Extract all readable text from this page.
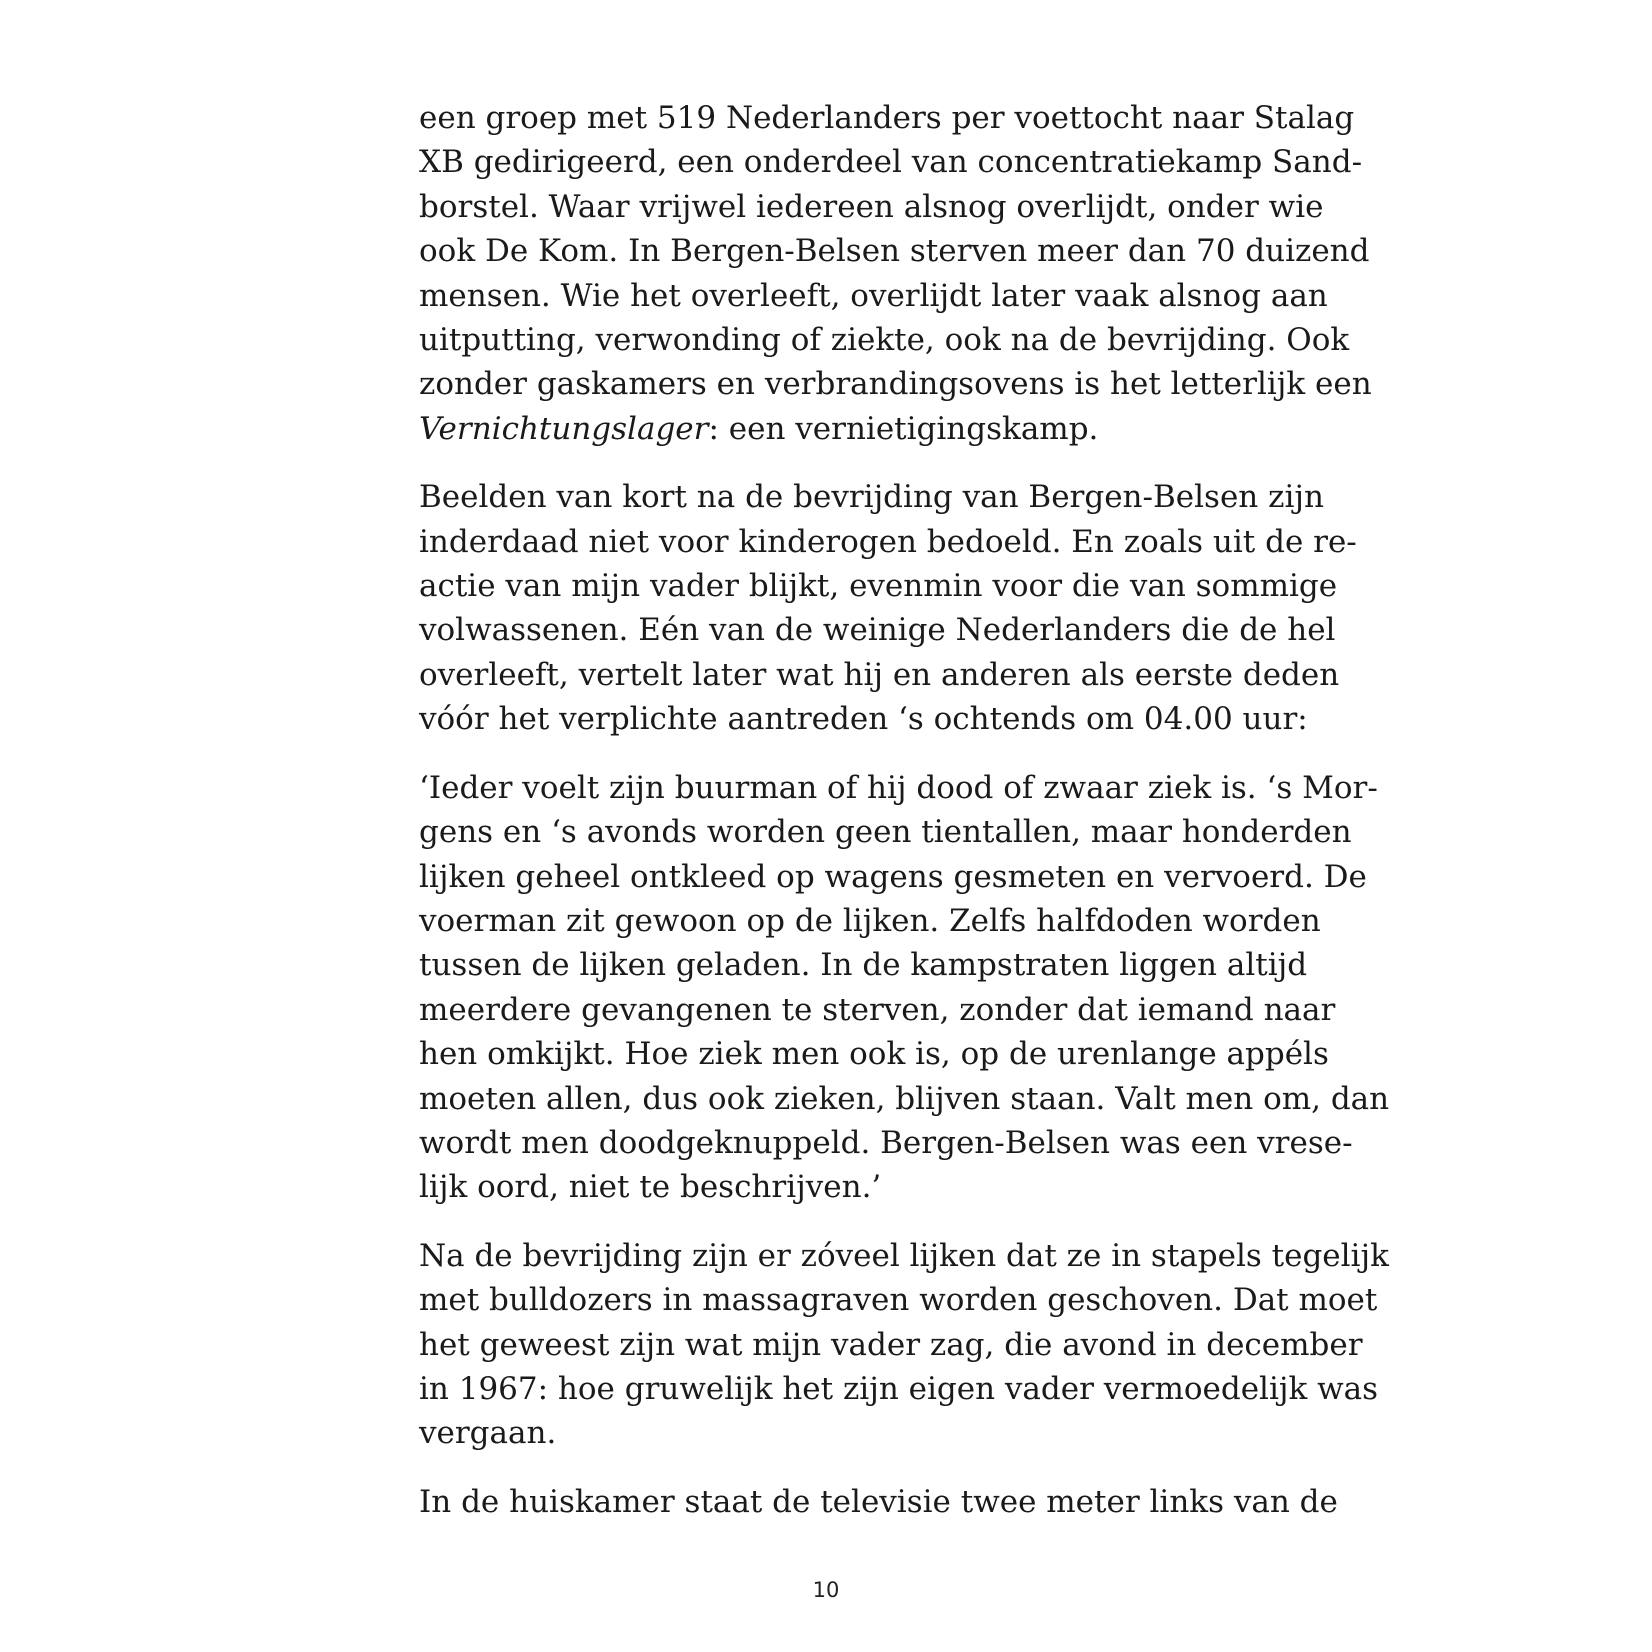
een groep met 519 Nederlanders per voettocht naar Stalag
XB gedirigeerd, een onderdeel van concentratiekamp Sand-
borstel. Waar vrijwel iedereen alsnog overlijdt, onder wie
ook De Kom. In Bergen-Belsen sterven meer dan 70 duizend
mensen. Wie het overleeft, overlijdt later vaak alsnog aan
uitputting, verwonding of ziekte, ook na de bevrijding. Ook
zonder gaskamers en verbrandingsovens is het letterlijk een
Vernichtungslager: een vernietigingskamp.

Beelden van kort na de bevrijding van Bergen-Belsen zijn
inderdaad niet voor kinderogen bedoeld. En zoals uit de re-
actie van mijn vader blijkt, evenmin voor die van sommige
volwassenen. Eén van de weinige Nederlanders die de hel
overleeft, vertelt later wat hij en anderen als eerste deden
vóór het verplichte aantreden ‘s ochtends om 04.00 uur:

‘Ieder voelt zijn buurman of hij dood of zwaar ziek is. ‘s Mor-
gens en ‘s avonds worden geen tientallen, maar honderden
lijken geheel ontkleed op wagens gesmeten en vervoerd. De
voerman zit gewoon op de lijken. Zelfs halfdoden worden
tussen de lijken geladen. In de kampstraten liggen altijd
meerdere gevangenen te sterven, zonder dat iemand naar
hen omkijkt. Hoe ziek men ook is, op de urenlange appéls
moeten allen, dus ook zieken, blijven staan. Valt men om, dan
wordt men doodgeknuppeld. Bergen-Belsen was een vrese-
lijk oord, niet te beschrijven.’

Na de bevrijding zijn er zóveel lijken dat ze in stapels tegelijk
met bulldozers in massagraven worden geschoven. Dat moet
het geweest zijn wat mijn vader zag, die avond in december
in 1967: hoe gruwelijk het zijn eigen vader vermoedelijk was
vergaan.

In de huiskamer staat de televisie twee meter links van de

10
